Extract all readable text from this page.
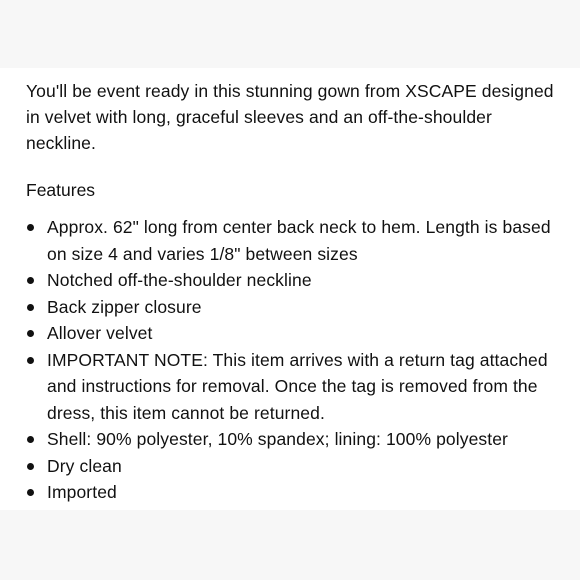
You'll be event ready in this stunning gown from XSCAPE designed in velvet with long, graceful sleeves and an off-the-shoulder neckline.

Features
Approx. 62" long from center back neck to hem. Length is based on size 4 and varies 1/8" between sizes
Notched off-the-shoulder neckline
Back zipper closure
Allover velvet
IMPORTANT NOTE: This item arrives with a return tag attached and instructions for removal. Once the tag is removed from the dress, this item cannot be returned.
Shell: 90% polyester, 10% spandex; lining: 100% polyester
Dry clean
Imported
